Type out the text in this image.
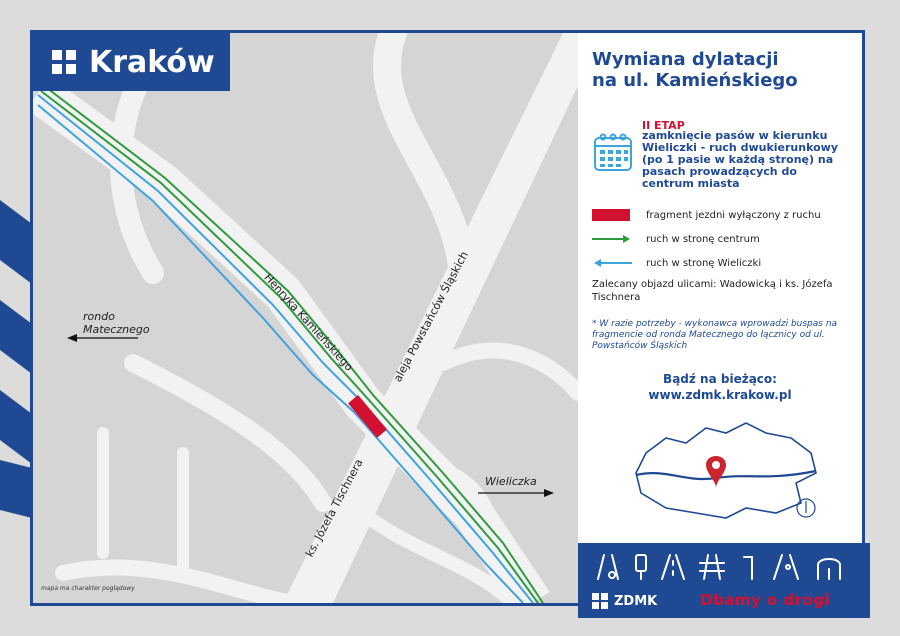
Henryka Kamieńskiego	aleja Powstańców Śląskich
ks. Józefa Tischnera
rondo
Matecznego
Wieliczka
mapa ma charakter poglądowy
Kraków	Wymiana dylatacji
na ul. Kamieńskiego
II ETAP
zamknięcie pasów w kierunku Wieliczki - ruch dwukierunkowy (po 1 pasie w każdą stronę) na pasach prowadzących do centrum miasta
fragment jezdni wyłączony z ruchu
ruch w stronę centrum
ruch w stronę Wieliczki
Zalecany objazd ulicami: Wadowicką i ks. Józefa Tischnera
* W razie potrzeby - wykonawca wprowadzi buspas na fragmencie od ronda Matecznego do łącznicy od ul. Powstańców Śląskich
Bądź na bieżąco:
www.zdmk.krakow.pl
ZDMK	Dbamy o drogi
